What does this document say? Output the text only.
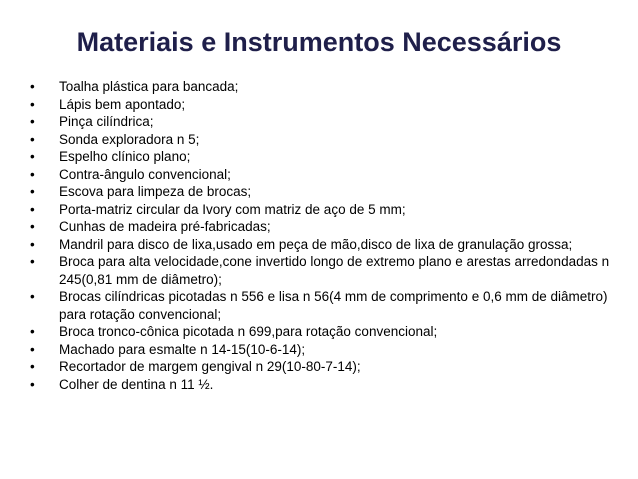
Materiais e Instrumentos Necessários
•	Toalha plástica para bancada;
•	Lápis bem apontado;
•	Pinça cilíndrica;
•	Sonda exploradora n 5;
•	Espelho clínico plano;
•	Contra-ângulo convencional;
•	Escova para limpeza de brocas;
•	Porta-matriz circular da Ivory com matriz de aço de 5 mm;
•	Cunhas de madeira pré-fabricadas;
•	Mandril para disco de lixa,usado em peça de mão,disco de lixa de granulação grossa;
•	Broca para alta velocidade,cone invertido longo de extremo plano e arestas arredondadas n 245(0,81 mm de diâmetro);
•	Brocas cilíndricas picotadas n 556 e lisa n 56(4 mm de comprimento e 0,6 mm de diâmetro) para rotação convencional;
•	Broca tronco-cônica picotada n 699,para rotação convencional;
•	Machado para esmalte n 14-15(10-6-14);
•	Recortador de margem gengival n 29(10-80-7-14);
•	Colher de dentina n 11 ½.
